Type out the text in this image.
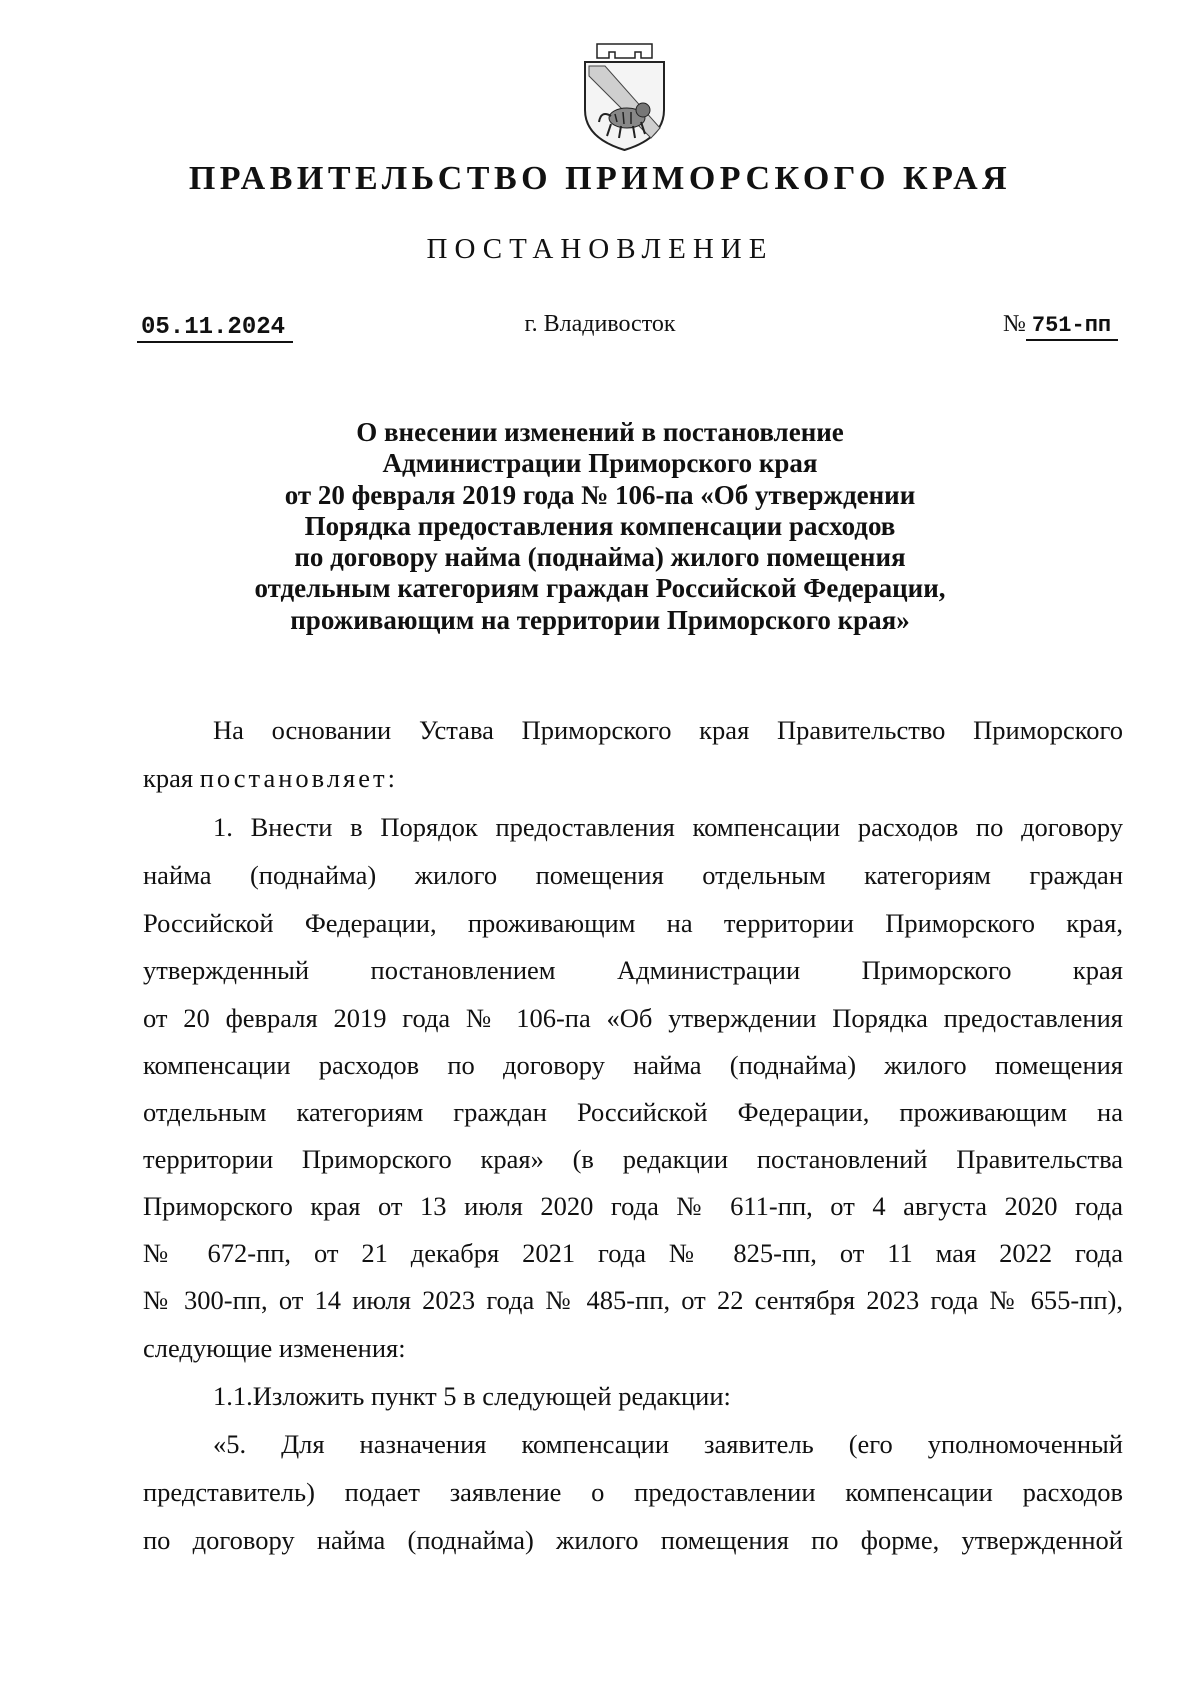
ПРАВИТЕЛЬСТВО ПРИМОРСКОГО КРАЯ
ПОСТАНОВЛЕНИЕ
05.11.2024	г. Владивосток	№ 751-пп
О внесении изменений в постановление
Администрации Приморского края
от 20 февраля 2019 года № 106-па «Об утверждении
Порядка предоставления компенсации расходов
по договору найма (поднайма) жилого помещения
отдельным категориям граждан Российской Федерации,
проживающим на территории Приморского края»
На основании Устава Приморского края Правительство Приморского
края постановляет:
1. Внести в Порядок предоставления компенсации расходов по договору
найма (поднайма) жилого помещения отдельным категориям граждан
Российской Федерации, проживающим на территории Приморского края,
утвержденный постановлением Администрации Приморского края
от 20 февраля 2019 года № 106-па «Об утверждении Порядка предоставления
компенсации расходов по договору найма (поднайма) жилого помещения
отдельным категориям граждан Российской Федерации, проживающим на
территории Приморского края» (в редакции постановлений Правительства
Приморского края от 13 июля 2020 года № 611-пп, от 4 августа 2020 года
№ 672-пп, от 21 декабря 2021 года № 825-пп, от 11 мая 2022 года
№ 300-пп, от 14 июля 2023 года № 485-пп, от 22 сентября 2023 года № 655-пп),
следующие изменения:
1.1.Изложить пункт 5 в следующей редакции:
«5. Для назначения компенсации заявитель (его уполномоченный
представитель) подает заявление о предоставлении компенсации расходов
по договору найма (поднайма) жилого помещения по форме, утвержденной
